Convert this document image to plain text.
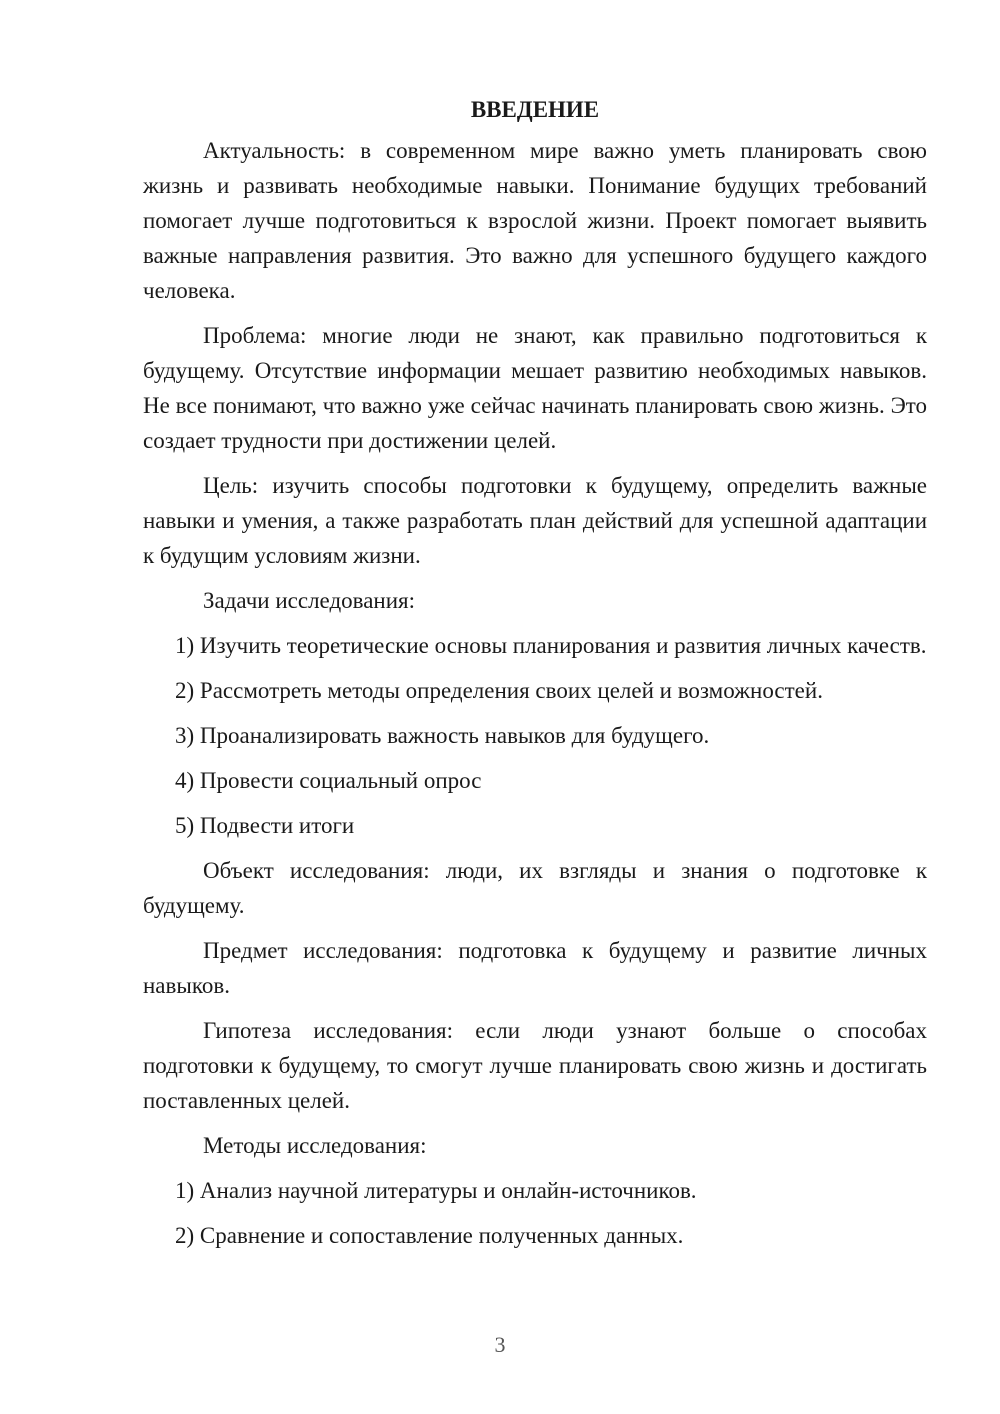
ВВЕДЕНИЕ

Актуальность: в современном мире важно уметь планировать свою жизнь и развивать необходимые навыки. Понимание будущих требований помогает лучше подготовиться к взрослой жизни. Проект помогает выявить важные направления развития. Это важно для успешного будущего каждого человека.

Проблема: многие люди не знают, как правильно подготовиться к будущему. Отсутствие информации мешает развитию необходимых навыков. Не все понимают, что важно уже сейчас начинать планировать свою жизнь. Это создает трудности при достижении целей.

Цель: изучить способы подготовки к будущему, определить важные навыки и умения, а также разработать план действий для успешной адаптации к будущим условиям жизни.

Задачи исследования:

1) Изучить теоретические основы планирования и развития личных качеств.

2) Рассмотреть методы определения своих целей и возможностей.

3) Проанализировать важность навыков для будущего.

4) Провести социальный опрос

5) Подвести итоги

Объект исследования: люди, их взгляды и знания о подготовке к будущему.

Предмет исследования: подготовка к будущему и развитие личных навыков.

Гипотеза исследования: если люди узнают больше о способах подготовки к будущему, то смогут лучше планировать свою жизнь и достигать поставленных целей.

Методы исследования:

1) Анализ научной литературы и онлайн-источников.

2) Сравнение и сопоставление полученных данных.

3
